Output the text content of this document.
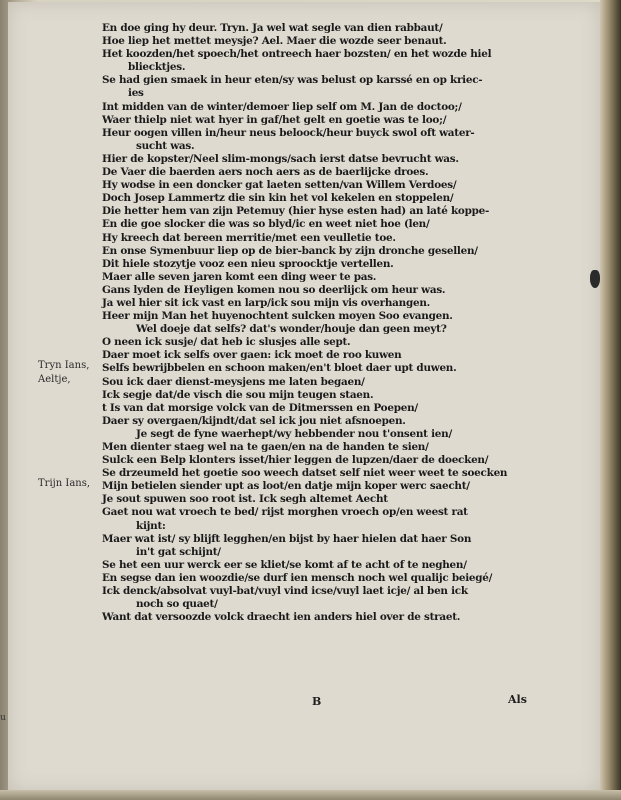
En doe ging hy deur. Tryn. Ja wel wat segle van dien rabbaut/
Hoe liep het mettet meysje? Ael. Maer die wozde seer benaut.
Het koozden/het spoech/het ontreech haer bozsten/ en het wozde hiel
bliecktjes.
Se had gien smaek in heur eten/sy was belust op karssé en op kriec-
ies
Int midden van de winter/demoer liep self om M. Jan de doctoo;/
Waer thielp niet wat hyer in gaf/het gelt en goetie was te loo;/
Heur oogen villen in/heur neus beloock/heur buyck swol oft water-
sucht was.
Hier de kopster/Neel slim-mongs/sach ierst datse bevrucht was.
De Vaer die baerden aers noch aers as de baerlijcke droes.
Hy wodse in een doncker gat laeten setten/van Willem Verdoes/
Doch Josep Lammertz die sin kin het vol kekelen en stoppelen/
Die hetter hem van zijn Petemuy (hier hyse esten had) an laté koppe-
En die goe slocker die was so blyd/ic en weet niet hoe (len/
Hy kreech dat bereen merritie/met een veulletie toe.
En onse Symenbuur liep op de bier-banck by zijn dronche gesellen/
Dit hiele stozytje vooz een nieu sproocktje vertellen.
Maer alle seven jaren komt een ding weer te pas.
Gans lyden de Heyligen komen nou so deerlijck om heur was.
Ja wel hier sit ick vast en larp/ick sou mijn vis overhangen.
Heer mijn Man het huyenochtent sulcken moyen Soo evangen.
Wel doeje dat selfs? dat's wonder/houje dan geen meyt?
O neen ick susje/ dat heb ic slusjes alle sept.
Daer moet ick selfs over gaen: ick moet de roo kuwen
Selfs bewrijbbelen en schoon maken/en't bloet daer upt duwen.
Sou ick daer dienst-meysjens me laten begaen/
Ick segje dat/de visch die sou mijn teugen staen.
t Is van dat morsige volck van de Ditmerssen en Poepen/
Daer sy overgaen/kijndt/dat sel ick jou niet afsnoepen.
Je segt de fyne waerhept/wy hebbender nou t'onsent ien/
Men dienter staeg wel na te gaen/en na de handen te sien/
Sulck een Belp klonters isset/hier leggen de lupzen/daer de doecken/
Se drzeumeld het goetie soo weech datset self niet weer weet te soecken
Mijn betielen siender upt as loot/en datje mijn koper werc saecht/
Je sout spuwen soo root ist. Ick segh altemet Aecht
Gaet nou wat vroech te bed/ rijst morghen vroech op/en weest rat
kijnt:
Maer wat ist/ sy blijft legghen/en bijst by haer hielen dat haer Son
in't gat schijnt/
Se het een uur werck eer se kliet/se komt af te acht of te neghen/
En segse dan ien woozdie/se durf ien mensch noch wel qualijc beiegé/
Ick denck/absolvat vuyl-bat/vuyl vind icse/vuyl laet icje/ al ben ick
noch so quaet/
Want dat versoozde volck draecht ien anders hiel over de straet.
Tryn Ians,
Aeltje,
Trijn Ians,
B	Als
u
